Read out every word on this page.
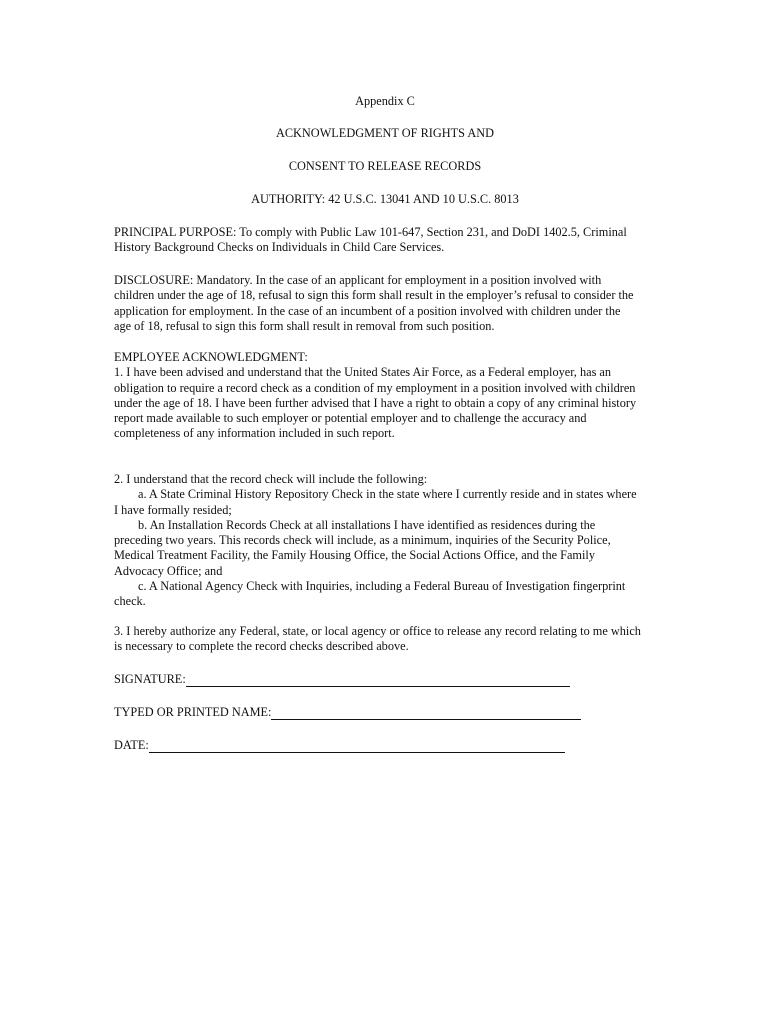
Appendix C
ACKNOWLEDGMENT OF RIGHTS AND
CONSENT TO RELEASE RECORDS
AUTHORITY: 42 U.S.C. 13041 AND 10 U.S.C. 8013
PRINCIPAL PURPOSE: To comply with Public Law 101-647, Section 231, and DoDI 1402.5, Criminal
History Background Checks on Individuals in Child Care Services.
DISCLOSURE: Mandatory. In the case of an applicant for employment in a position involved with
children under the age of 18, refusal to sign this form shall result in the employer’s refusal to consider the
application for employment. In the case of an incumbent of a position involved with children under the
age of 18, refusal to sign this form shall result in removal from such position.
EMPLOYEE ACKNOWLEDGMENT:
1. I have been advised and understand that the United States Air Force, as a Federal employer, has an
obligation to require a record check as a condition of my employment in a position involved with children
under the age of 18. I have been further advised that I have a right to obtain a copy of any criminal history
report made available to such employer or potential employer and to challenge the accuracy and
completeness of any information included in such report.
2. I understand that the record check will include the following:
a. A State Criminal History Repository Check in the state where I currently reside and in states where
I have formally resided;
b. An Installation Records Check at all installations I have identified as residences during the
preceding two years. This records check will include, as a minimum, inquiries of the Security Police,
Medical Treatment Facility, the Family Housing Office, the Social Actions Office, and the Family
Advocacy Office; and
c. A National Agency Check with Inquiries, including a Federal Bureau of Investigation fingerprint
check.
3. I hereby authorize any Federal, state, or local agency or office to release any record relating to me which
is necessary to complete the record checks described above.
SIGNATURE:
TYPED OR PRINTED NAME:
DATE:
